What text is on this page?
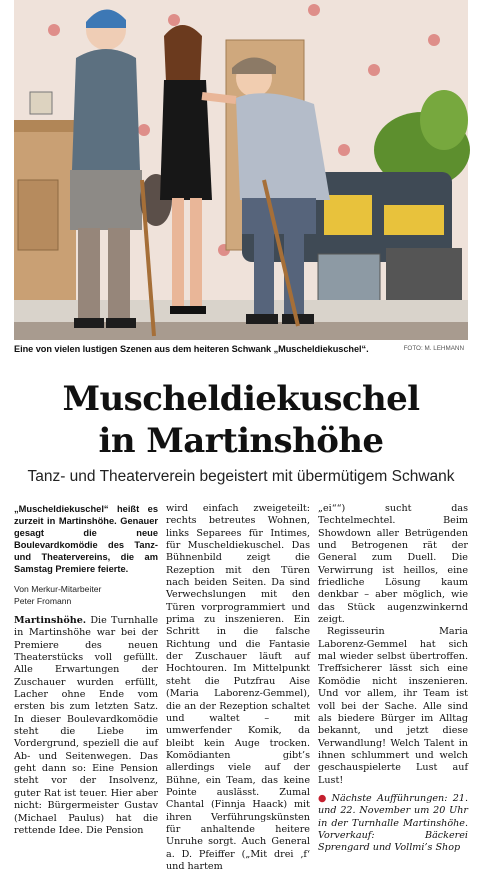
Eine von vielen lustigen Szenen aus dem heiteren Schwank „Muscheldiekuschel“.	FOTO: M. LEHMANN
Muscheldiekuschel
in Martinshöhe
Tanz- und Theaterverein begeistert mit übermütigem Schwank

„Muscheldiekuschel“ heißt es zurzeit in Martinshöhe. Genauer gesagt die neue Boulevardkomödie des Tanz- und Theatervereins, die am Samstag Premiere feierte.

Von Merkur-Mitarbeiter
Peter Fromann

Martinshöhe. Die Turnhalle in Martinshöhe war bei der Premiere des neuen Theaterstücks voll gefüllt. Alle Erwartungen der Zuschauer wurden erfüllt, Lacher ohne Ende vom ersten bis zum letzten Satz. In dieser Boulevardkomödie steht die Liebe im Vordergrund, speziell die auf Ab- und Seitenwegen. Das geht dann so: Eine Pension steht vor der Insolvenz, guter Rat ist teuer. Hier aber nicht: Bürgermeister Gustav (Michael Paulus) hat die rettende Idee. Die Pension

wird einfach zweigeteilt: rechts betreutes Wohnen, links Separees für Intimes, für Muscheldiekuschel. Das Bühnenbild zeigt die Rezeption mit den Türen nach beiden Seiten. Da sind Verwechslungen mit den Türen vorprogrammiert und prima zu inszenieren. Ein Schritt in die falsche Richtung und die Fantasie der Zuschauer läuft auf Hochtouren. Im Mittelpunkt steht die Putzfrau Aise (Maria Laborenz-Gemmel), die an der Rezeption schaltet und waltet – mit umwerfender Komik, da bleibt kein Auge trocken. Komödianten gibt’s allerdings viele auf der Bühne, ein Team, das keine Pointe auslässt. Zumal Chantal (Finnja Haack) mit ihren Verführungskünsten für anhaltende heitere Unruhe sorgt. Auch General a. D. Pfeiffer („Mit drei ‚f‘ und hartem

„ei““) sucht das Techtelmechtel. Beim Showdown aller Betrügenden und Betrogenen rät der General zum Duell. Die Verwirrung ist heillos, eine friedliche Lösung kaum denkbar – aber möglich, wie das Stück augenzwinkernd zeigt.

Regisseurin Maria Laborenz-Gemmel hat sich mal wieder selbst übertroffen. Treffsicherer lässt sich eine Komödie nicht inszenieren. Und vor allem, ihr Team ist voll bei der Sache. Alle sind als biedere Bürger im Alltag bekannt, und jetzt diese Verwandlung! Welch Talent in ihnen schlummert und welch geschauspielerte Lust auf Lust!

● Nächste Aufführungen: 21. und 22. November um 20 Uhr in der Turnhalle Martinshöhe. Vorverkauf: Bäckerei Sprengard und Vollmi’s Shop
